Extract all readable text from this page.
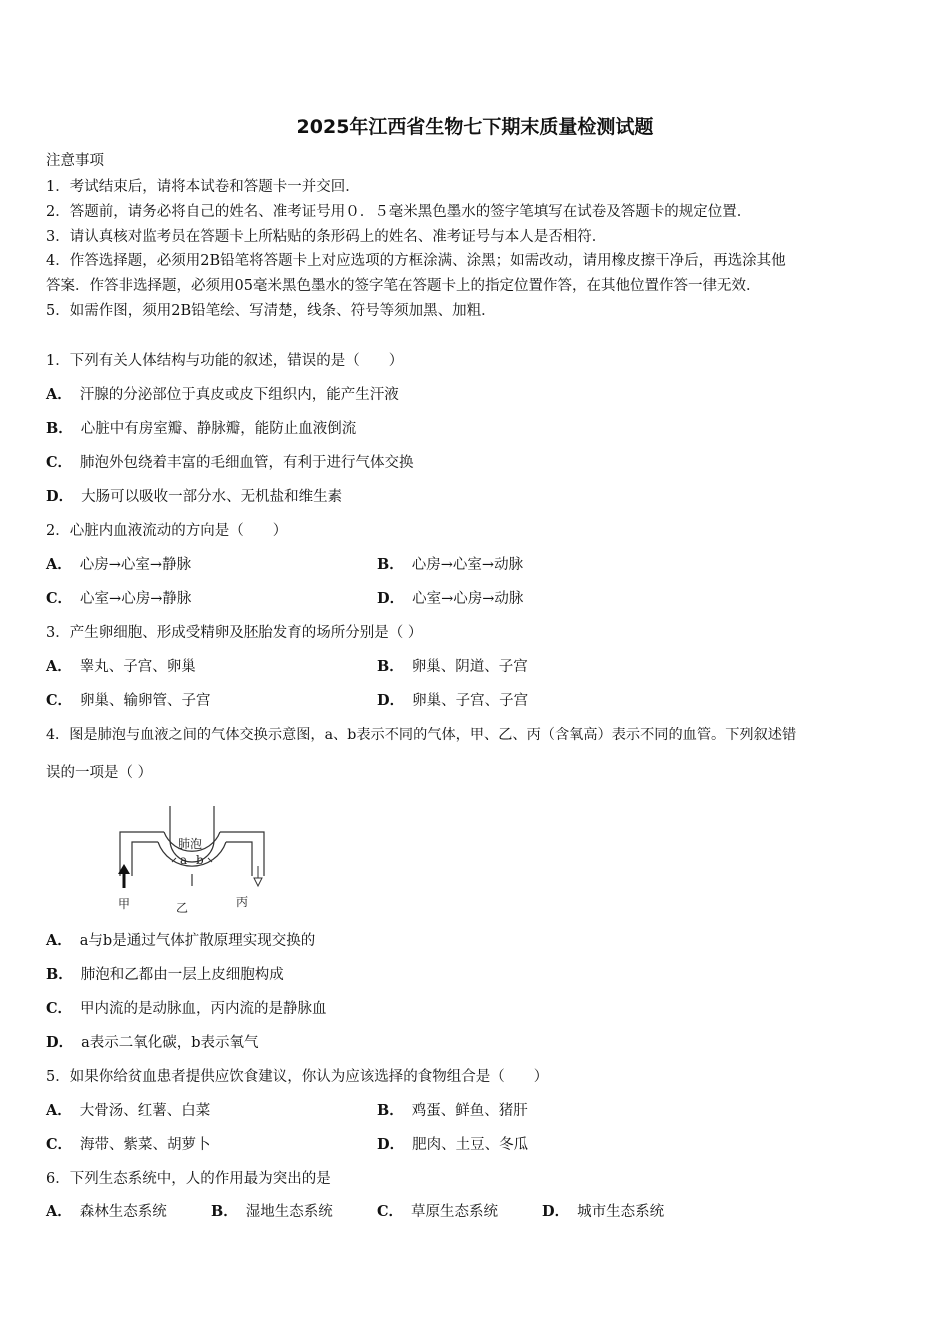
2025年江西省生物七下期末质量检测试题
注意事项
1．考试结束后，请将本试卷和答题卡一并交回．
2．答题前，请务必将自己的姓名、准考证号用０．５毫米黑色墨水的签字笔填写在试卷及答题卡的规定位置．
3．请认真核对监考员在答题卡上所粘贴的条形码上的姓名、准考证号与本人是否相符．
4．作答选择题，必须用2B铅笔将答题卡上对应选项的方框涂满、涂黑；如需改动，请用橡皮擦干净后，再选涂其他
答案．作答非选择题，必须用05毫米黑色墨水的签字笔在答题卡上的指定位置作答，在其他位置作答一律无效．
5．如需作图，须用2B铅笔绘、写清楚，线条、符号等须加黑、加粗．
1．下列有关人体结构与功能的叙述，错误的是（　　）
A． 汗腺的分泌部位于真皮或皮下组织内，能产生汗液
B． 心脏中有房室瓣、静脉瓣，能防止血液倒流
C． 肺泡外包绕着丰富的毛细血管，有利于进行气体交换
D． 大肠可以吸收一部分水、无机盐和维生素
2．心脏内血液流动的方向是（　　）
A． 心房→心室→静脉	B． 心房→心室→动脉
C． 心室→心房→静脉	D． 心室→心房→动脉
3．产生卵细胞、形成受精卵及胚胎发育的场所分别是（ ）
A． 睾丸、子宫、卵巢	B． 卵巢、阴道、子宫
C． 卵巢、输卵管、子宫	D． 卵巢、子宫、子宫
4．图是肺泡与血液之间的气体交换示意图，a、b表示不同的气体，甲、乙、丙（含氧高）表示不同的血管。下列叙述错
误的一项是（ ）
肺泡
a b
甲	乙	丙
A． a与b是通过气体扩散原理实现交换的
B． 肺泡和乙都由一层上皮细胞构成
C． 甲内流的是动脉血，丙内流的是静脉血
D． a表示二氧化碳，b表示氧气
5．如果你给贫血患者提供应饮食建议，你认为应该选择的食物组合是（　　）
A． 大骨汤、红薯、白菜	B． 鸡蛋、鲜鱼、猪肝
C． 海带、紫菜、胡萝卜	D． 肥肉、土豆、冬瓜
6．下列生态系统中，人的作用最为突出的是
A． 森林生态系统	B． 湿地生态系统	C． 草原生态系统	D． 城市生态系统
